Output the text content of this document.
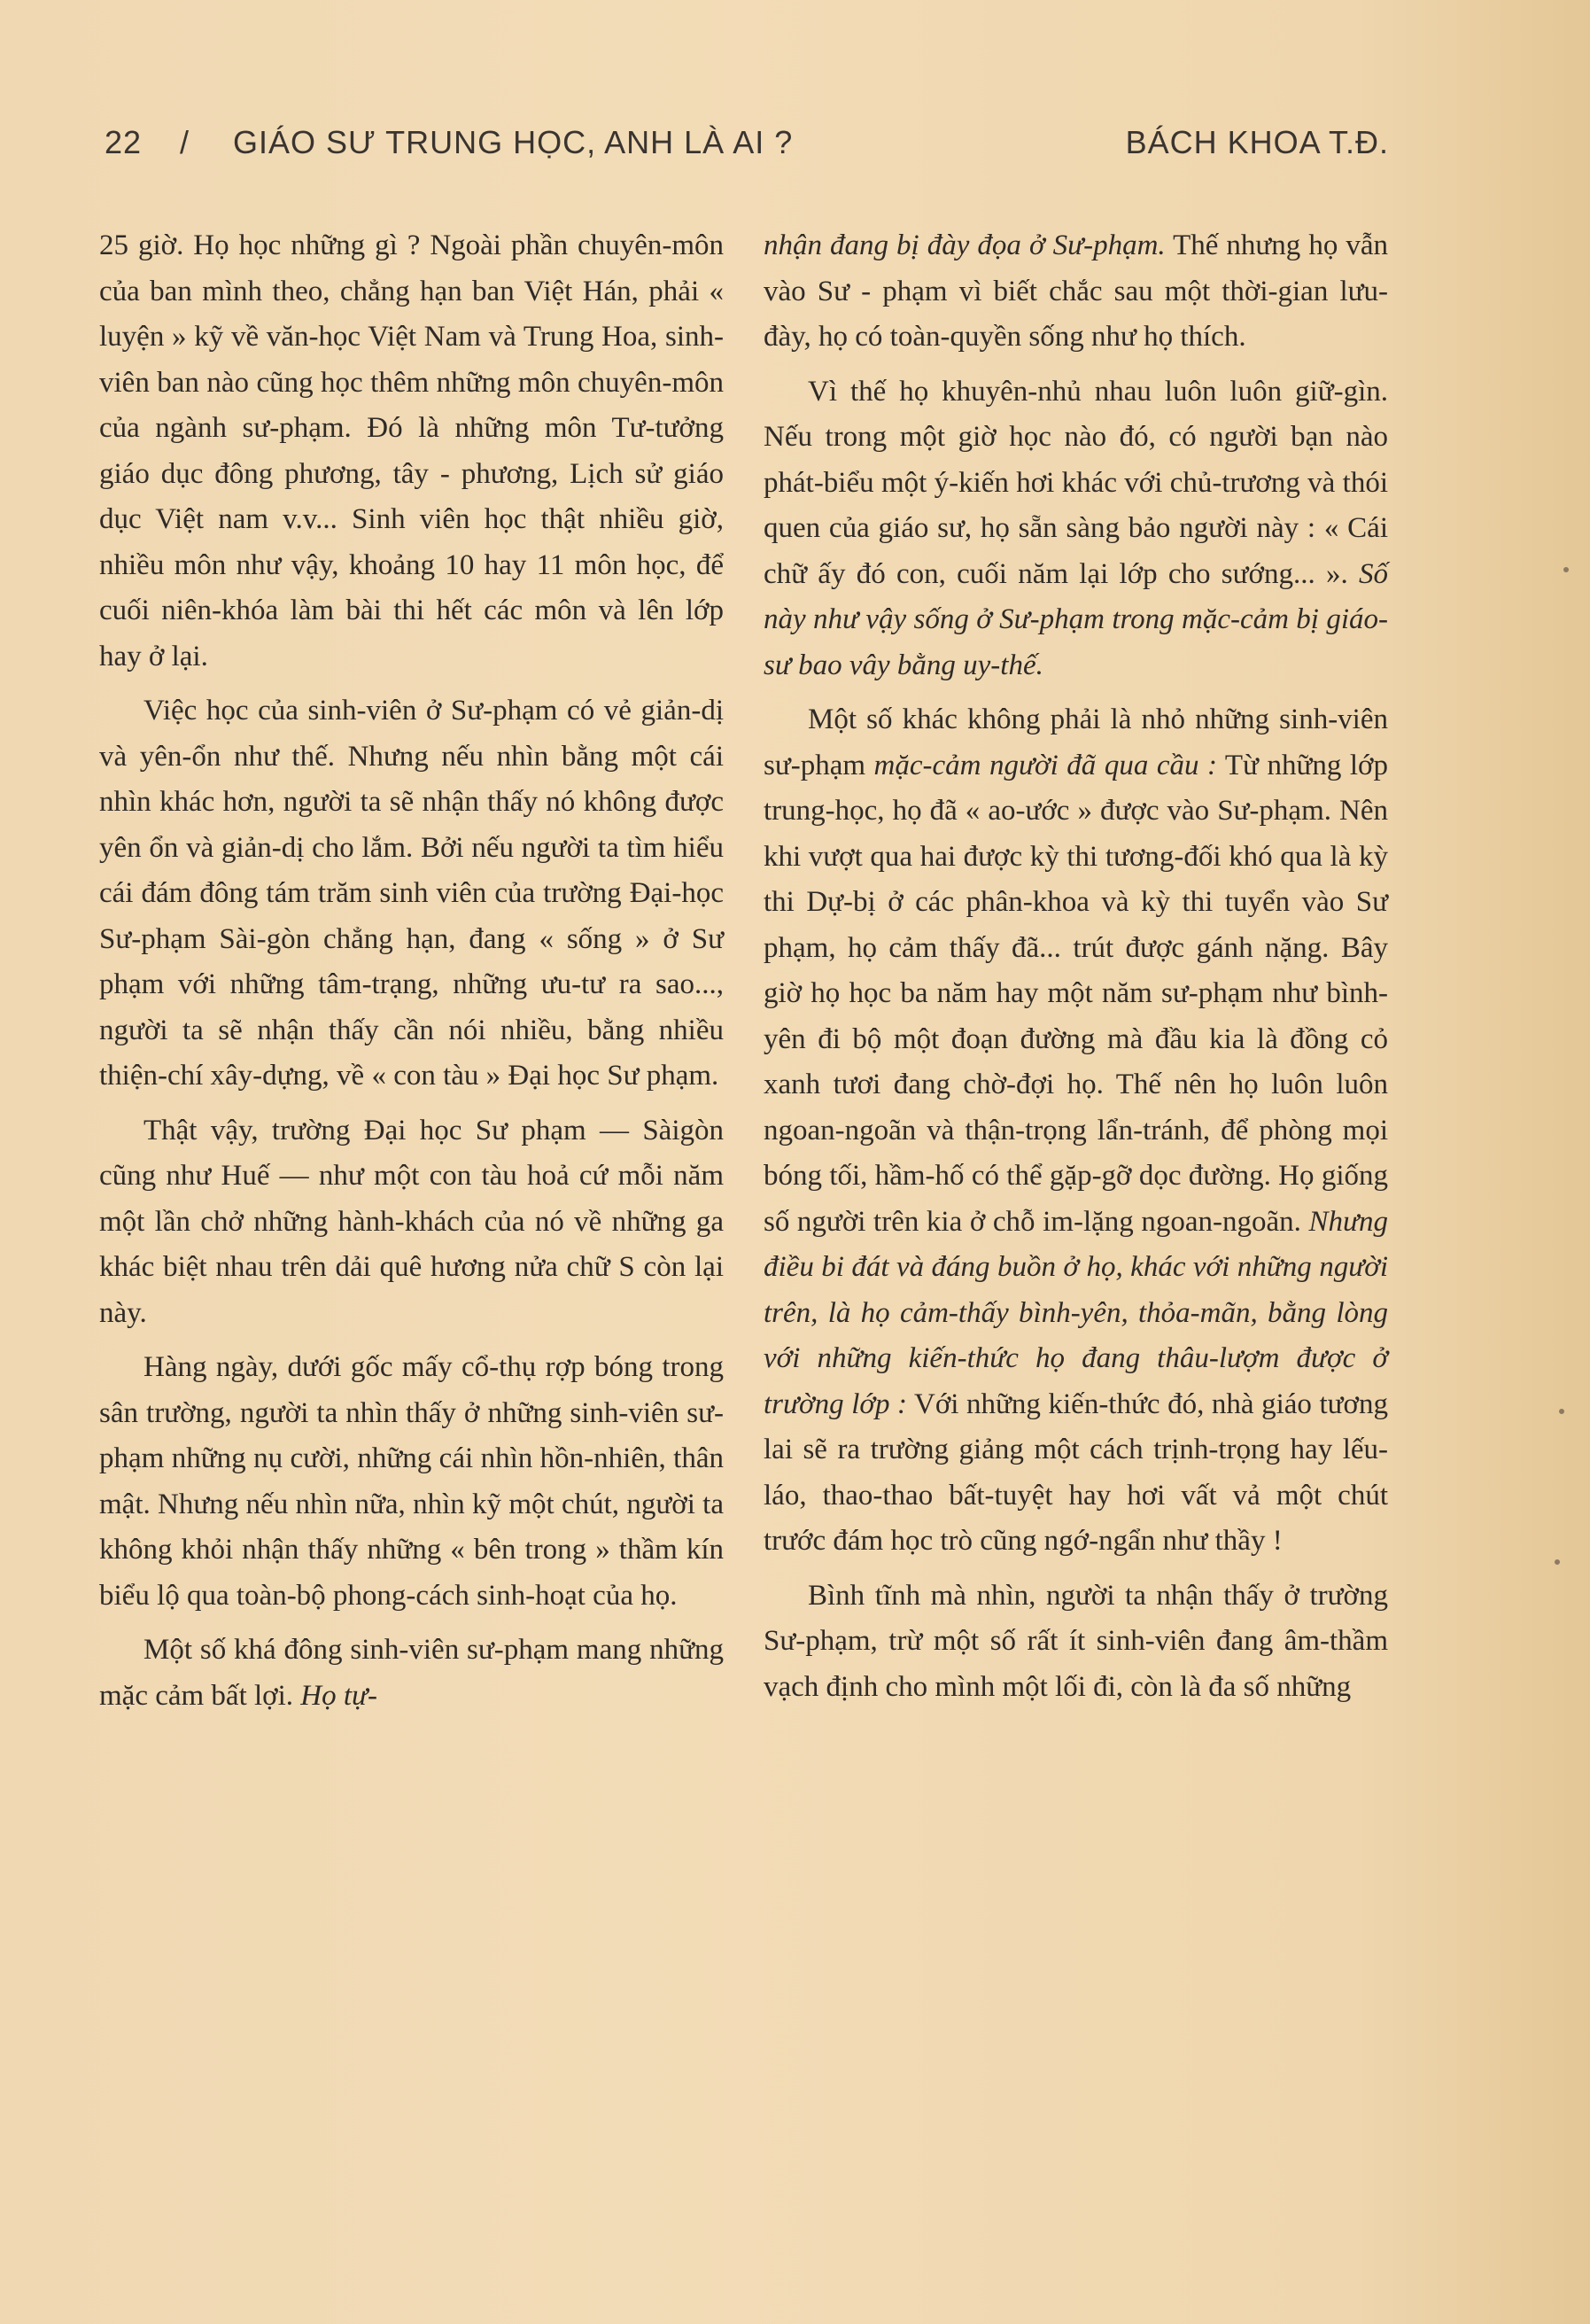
22 / GIÁO SƯ TRUNG HỌC, ANH LÀ AI ?	BÁCH KHOA T.Đ.

25 giờ. Họ học những gì ? Ngoài phần chuyên-môn của ban mình theo, chẳng hạn ban Việt Hán, phải « luyện » kỹ về văn-học Việt Nam và Trung Hoa, sinh-viên ban nào cũng học thêm những môn chuyên-môn của ngành sư-phạm. Đó là những môn Tư-tưởng giáo dục đông phương, tây - phương, Lịch sử giáo dục Việt nam v.v... Sinh viên học thật nhiều giờ, nhiều môn như vậy, khoảng 10 hay 11 môn học, để cuối niên-khóa làm bài thi hết các môn và lên lớp hay ở lại.

Việc học của sinh-viên ở Sư-phạm có vẻ giản-dị và yên-ổn như thế. Nhưng nếu nhìn bằng một cái nhìn khác hơn, người ta sẽ nhận thấy nó không được yên ổn và giản-dị cho lắm. Bởi nếu người ta tìm hiểu cái đám đông tám trăm sinh viên của trường Đại-học Sư-phạm Sài-gòn chẳng hạn, đang « sống » ở Sư phạm với những tâm-trạng, những ưu-tư ra sao..., người ta sẽ nhận thấy cần nói nhiều, bằng nhiều thiện-chí xây-dựng, về « con tàu » Đại học Sư phạm.

Thật vậy, trường Đại học Sư phạm — Sàigòn cũng như Huế — như một con tàu hoả cứ mỗi năm một lần chở những hành-khách của nó về những ga khác biệt nhau trên dải quê hương nửa chữ S còn lại này.

Hàng ngày, dưới gốc mấy cổ-thụ rợp bóng trong sân trường, người ta nhìn thấy ở những sinh-viên sư-phạm những nụ cười, những cái nhìn hồn-nhiên, thân mật. Nhưng nếu nhìn nữa, nhìn kỹ một chút, người ta không khỏi nhận thấy những « bên trong » thầm kín biểu lộ qua toàn-bộ phong-cách sinh-hoạt của họ.

Một số khá đông sinh-viên sư-phạm mang những mặc cảm bất lợi. Họ tự-

nhận đang bị đày đọa ở Sư-phạm. Thế nhưng họ vẫn vào Sư - phạm vì biết chắc sau một thời-gian lưu-đày, họ có toàn-quyền sống như họ thích.

Vì thế họ khuyên-nhủ nhau luôn luôn giữ-gìn. Nếu trong một giờ học nào đó, có người bạn nào phát-biểu một ý-kiến hơi khác với chủ-trương và thói quen của giáo sư, họ sẵn sàng bảo người này : « Cái chữ ấy đó con, cuối năm lại lớp cho sướng... ». Số này như vậy sống ở Sư-phạm trong mặc-cảm bị giáo-sư bao vây bằng uy-thế.

Một số khác không phải là nhỏ những sinh-viên sư-phạm mặc-cảm người đã qua cầu : Từ những lớp trung-học, họ đã « ao-ước » được vào Sư-phạm. Nên khi vượt qua hai được kỳ thi tương-đối khó qua là kỳ thi Dự-bị ở các phân-khoa và kỳ thi tuyển vào Sư phạm, họ cảm thấy đã... trút được gánh nặng. Bây giờ họ học ba năm hay một năm sư-phạm như bình-yên đi bộ một đoạn đường mà đầu kia là đồng cỏ xanh tươi đang chờ-đợi họ. Thế nên họ luôn luôn ngoan-ngoãn và thận-trọng lẩn-tránh, để phòng mọi bóng tối, hầm-hố có thể gặp-gỡ dọc đường. Họ giống số người trên kia ở chỗ im-lặng ngoan-ngoãn. Nhưng điều bi đát và đáng buồn ở họ, khác với những người trên, là họ cảm-thấy bình-yên, thỏa-mãn, bằng lòng với những kiến-thức họ đang thâu-lượm được ở trường lớp : Với những kiến-thức đó, nhà giáo tương lai sẽ ra trường giảng một cách trịnh-trọng hay lếu-láo, thao-thao bất-tuyệt hay hơi vất vả một chút trước đám học trò cũng ngớ-ngẩn như thầy !

Bình tĩnh mà nhìn, người ta nhận thấy ở trường Sư-phạm, trừ một số rất ít sinh-viên đang âm-thầm vạch định cho mình một lối đi, còn là đa số những
